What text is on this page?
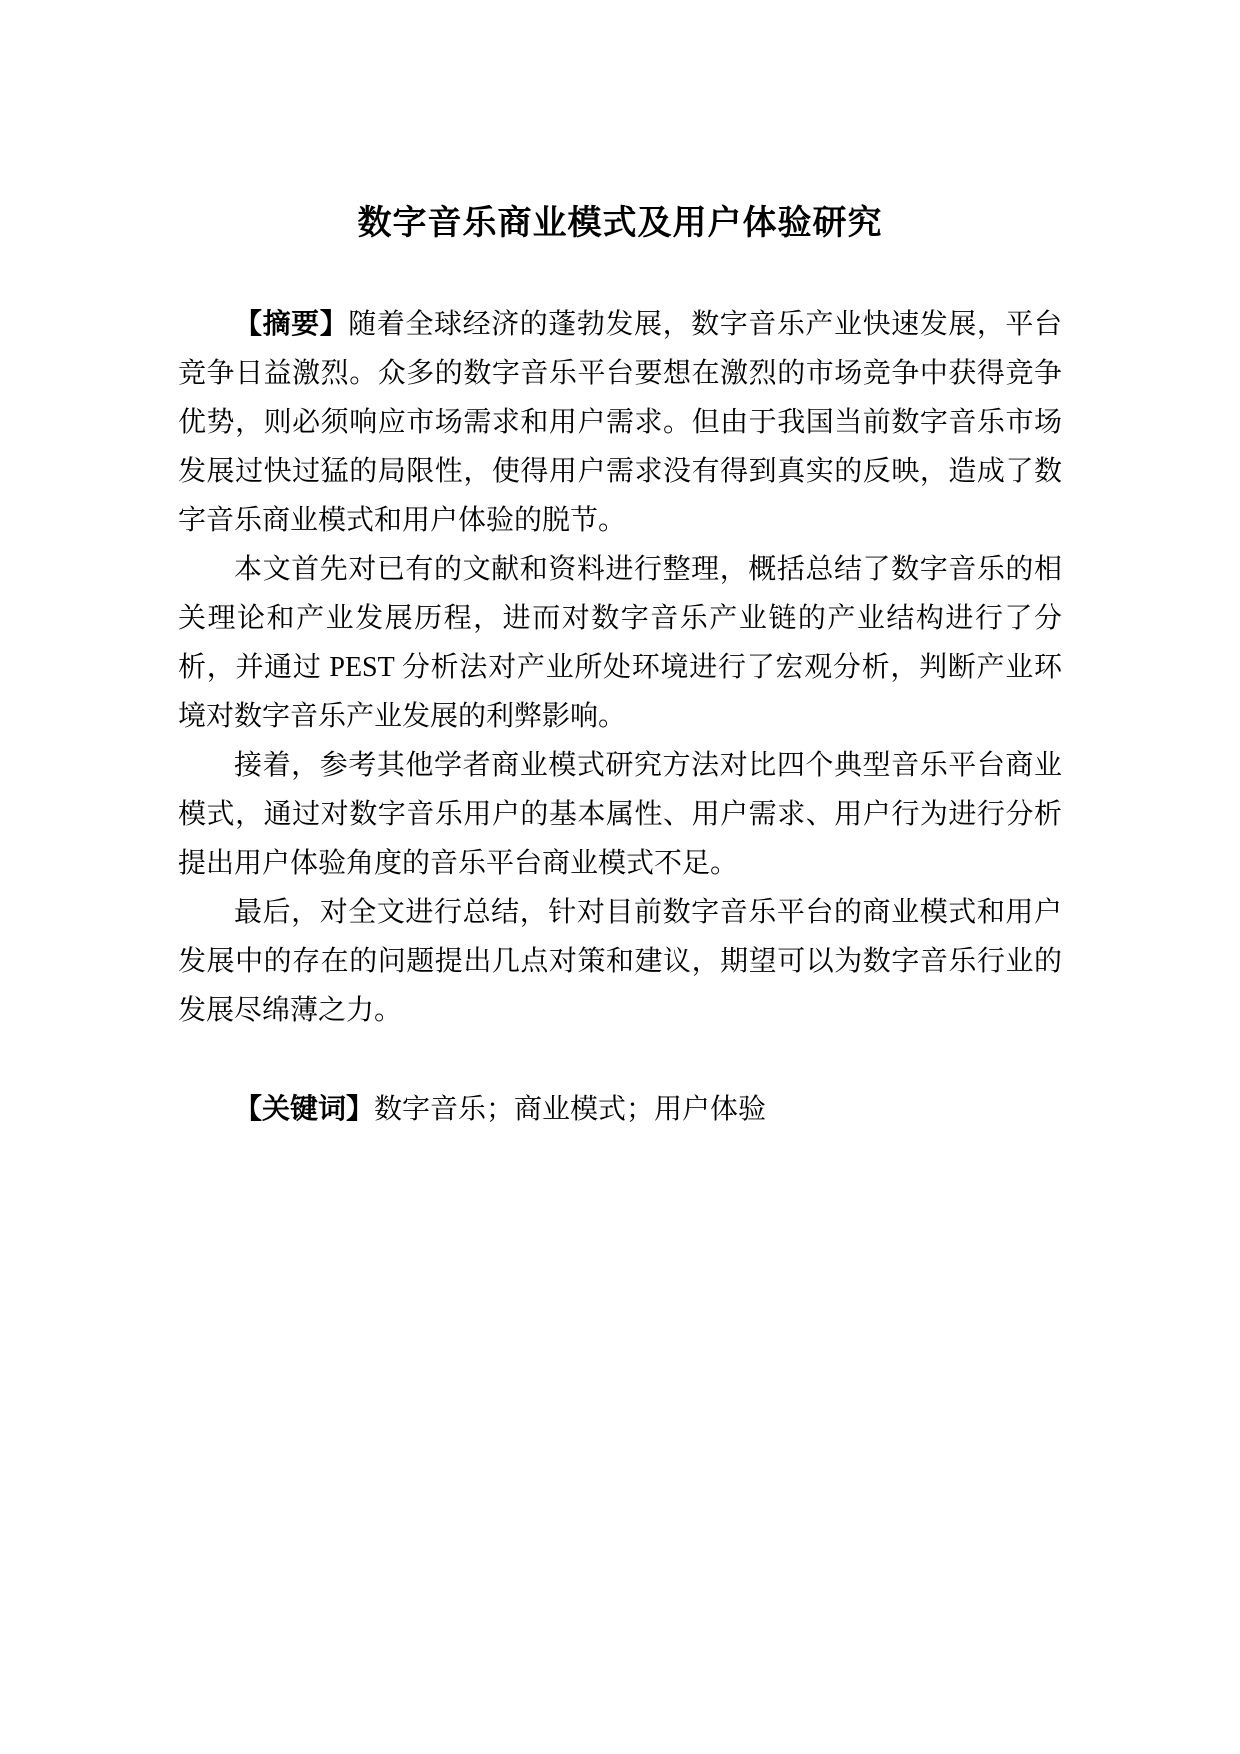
数字音乐商业模式及用户体验研究

【摘要】随着全球经济的蓬勃发展，数字音乐产业快速发展，平台竞争日益激烈。众多的数字音乐平台要想在激烈的市场竞争中获得竞争优势，则必须响应市场需求和用户需求。但由于我国当前数字音乐市场发展过快过猛的局限性，使得用户需求没有得到真实的反映，造成了数字音乐商业模式和用户体验的脱节。

本文首先对已有的文献和资料进行整理，概括总结了数字音乐的相关理论和产业发展历程，进而对数字音乐产业链的产业结构进行了分析，并通过 PEST 分析法对产业所处环境进行了宏观分析，判断产业环境对数字音乐产业发展的利弊影响。

接着，参考其他学者商业模式研究方法对比四个典型音乐平台商业模式，通过对数字音乐用户的基本属性、用户需求、用户行为进行分析提出用户体验角度的音乐平台商业模式不足。

最后，对全文进行总结，针对目前数字音乐平台的商业模式和用户发展中的存在的问题提出几点对策和建议，期望可以为数字音乐行业的发展尽绵薄之力。

【关键词】数字音乐；商业模式；用户体验
